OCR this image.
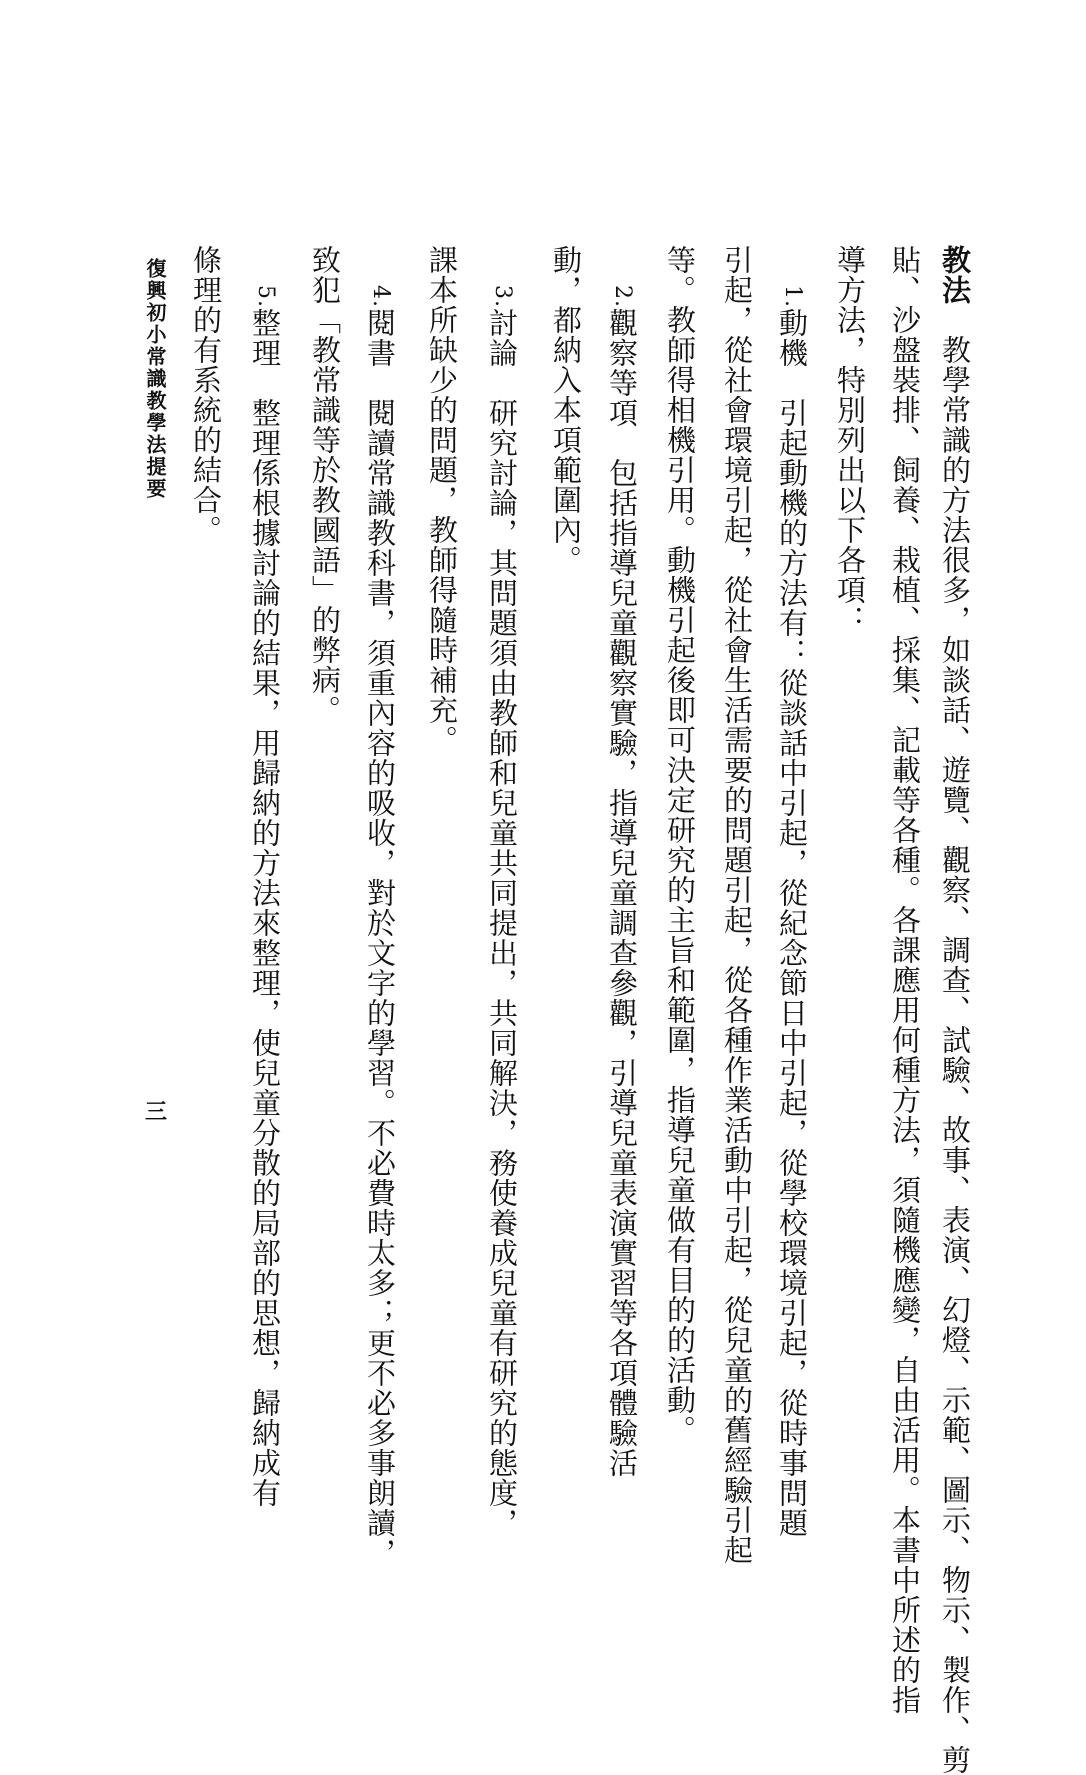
教法　教學常識的方法很多，如談話、遊覽、觀察、調查、試驗、故事、表演、幻燈、示範、圖示、物示、製作、剪
貼、沙盤裝排、飼養、栽植、採集、記載等各種。各課應用何種方法，須隨機應變，自由活用。本書中所述的指
導方法，特別列出以下各項：
1.動機　引起動機的方法有：從談話中引起，從紀念節日中引起，從學校環境引起，從時事問題
引起，從社會環境引起，從社會生活需要的問題引起，從各種作業活動中引起，從兒童的舊經驗引起
等。教師得相機引用。動機引起後即可決定研究的主旨和範圍，指導兒童做有目的的活動。
2.觀察等項　包括指導兒童觀察實驗，指導兒童調查參觀，引導兒童表演實習等各項體驗活
動，都納入本項範圍內。
3.討論　研究討論，其問題須由教師和兒童共同提出，共同解決，務使養成兒童有研究的態度，
課本所缺少的問題，教師得隨時補充。
4.閱書　閱讀常識教科書，須重內容的吸收，對於文字的學習。不必費時太多；更不必多事朗讀，
致犯「教常識等於教國語」的弊病。
5.整理　整理係根據討論的結果，用歸納的方法來整理，使兒童分散的局部的思想，歸納成有
條理的有系統的結合。
復興初小常識教學法提要
三
